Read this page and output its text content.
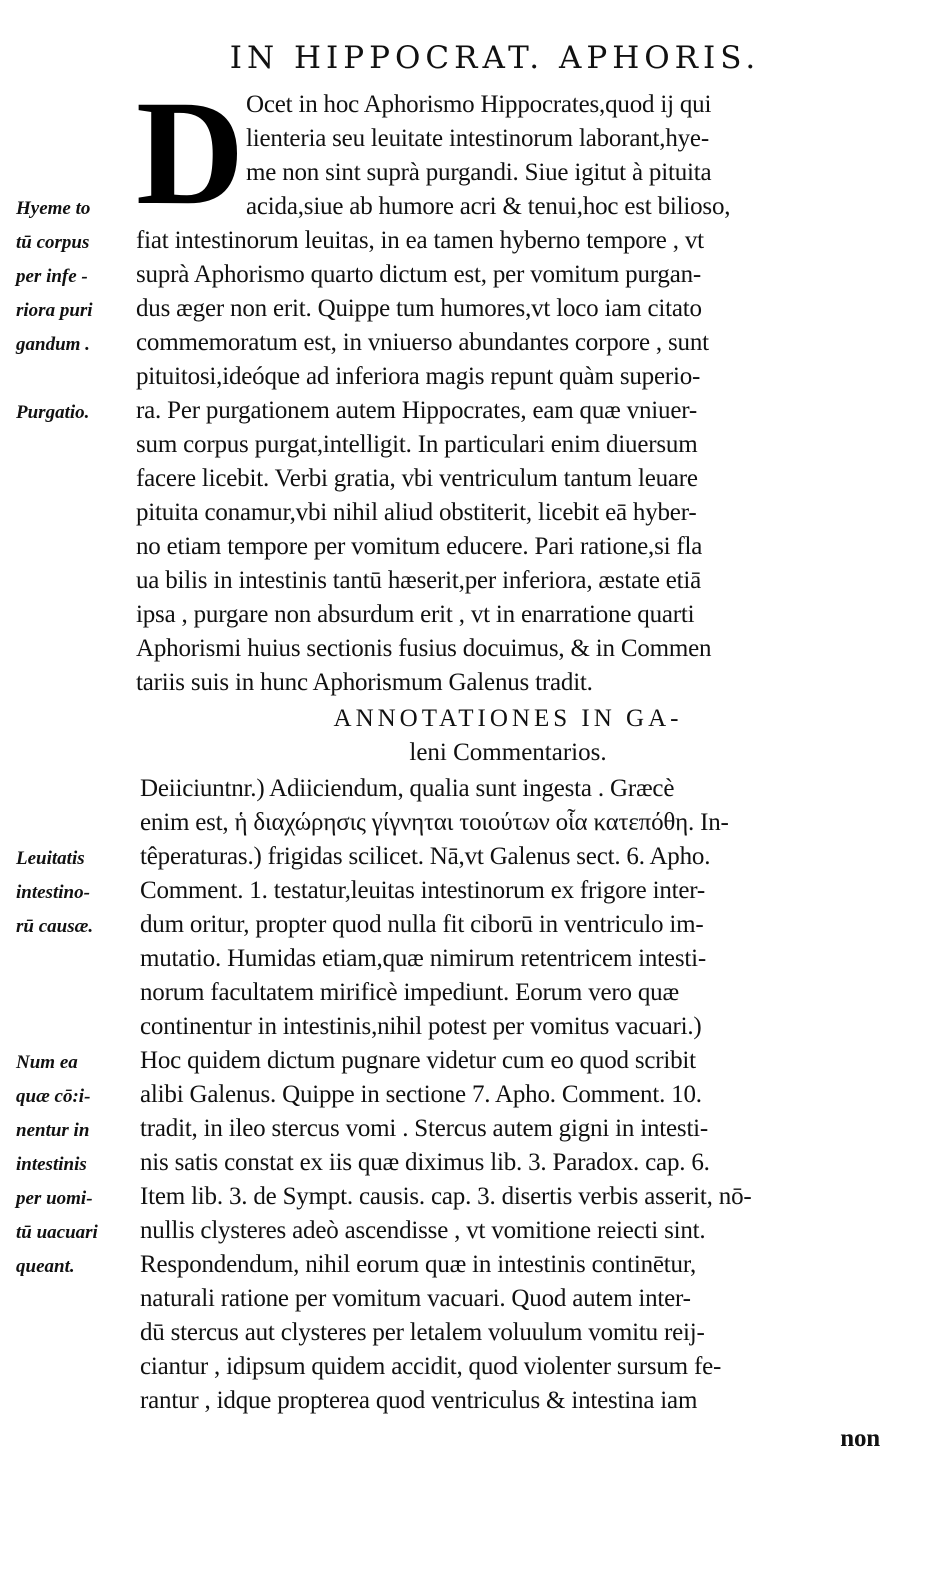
IN HIPPOCRAT. APHORIS.
D Ocet in hoc Aphorismo Hippocrates,quod ij qui
lienteria seu leuitate intestinorum laborant,hye-
me non sint suprà purgandi. Siue igitut à pituita
acida,siue ab humore acri & tenui,hoc est bilioso,
fiat intestinorum leuitas, in ea tamen hyberno tempore , vt
suprà Aphorismo quarto dictum est, per vomitum purgan-
dus æger non erit. Quippe tum humores,vt loco iam citato
commemoratum est, in vniuerso abundantes corpore , sunt
pituitosi,ideóque ad inferiora magis repunt quàm superio-
ra. Per purgationem autem Hippocrates, eam quæ vniuer-
sum corpus purgat,intelligit. In particulari enim diuersum
facere licebit. Verbi gratia, vbi ventriculum tantum leuare
pituita conamur,vbi nihil aliud obstiterit, licebit eā hyber-
no etiam tempore per vomitum educere. Pari ratione,si fla
ua bilis in intestinis tantū hæserit,per inferiora, æstate etiā
ipsa , purgare non absurdum erit , vt in enarratione quarti
Aphorismi huius sectionis fusius docuimus, & in Commen
tariis suis in hunc Aphorismum Galenus tradit.
ANNOTATIONES IN GA-
leni Commentarios.
Deiiciuntnr.) Adiiciendum, qualia sunt ingesta . Græcè
enim est, ἡ διαχώρησις γίγνηται τοιούτων οἷα κατεπόθη. In-
têperaturas.) frigidas scilicet. Nā,vt Galenus sect. 6. Apho.
Comment. 1. testatur,leuitas intestinorum ex frigore inter-
dum oritur, propter quod nulla fit ciborū in ventriculo im-
mutatio. Humidas etiam,quæ nimirum retentricem intesti-
norum facultatem mirificè impediunt. Eorum vero quæ
continentur in intestinis,nihil potest per vomitus vacuari.)
Hoc quidem dictum pugnare videtur cum eo quod scribit
alibi Galenus. Quippe in sectione 7. Apho. Comment. 10.
tradit, in ileo stercus vomi . Stercus autem gigni in intesti-
nis satis constat ex iis quæ diximus lib. 3. Paradox. cap. 6.
Item lib. 3. de Sympt. causis. cap. 3. disertis verbis asserit, nō-
nullis clysteres adeò ascendisse , vt vomitione reiecti sint.
Respondendum, nihil eorum quæ in intestinis continētur,
naturali ratione per vomitum vacuari. Quod autem inter-
dū stercus aut clysteres per letalem voluulum vomitu reij-
ciantur , idipsum quidem accidit, quod violenter sursum fe-
rantur , idque propterea quod ventriculus & intestina iam
non
Hyeme to
tū corpus
per infe -
riora puri
gandum .
Purgatio.
Leuitatis
intestino-
rū causæ.
Num ea
quæ cō:i-
nentur in
intestinis
per uomi-
tū uacuari
queant.
